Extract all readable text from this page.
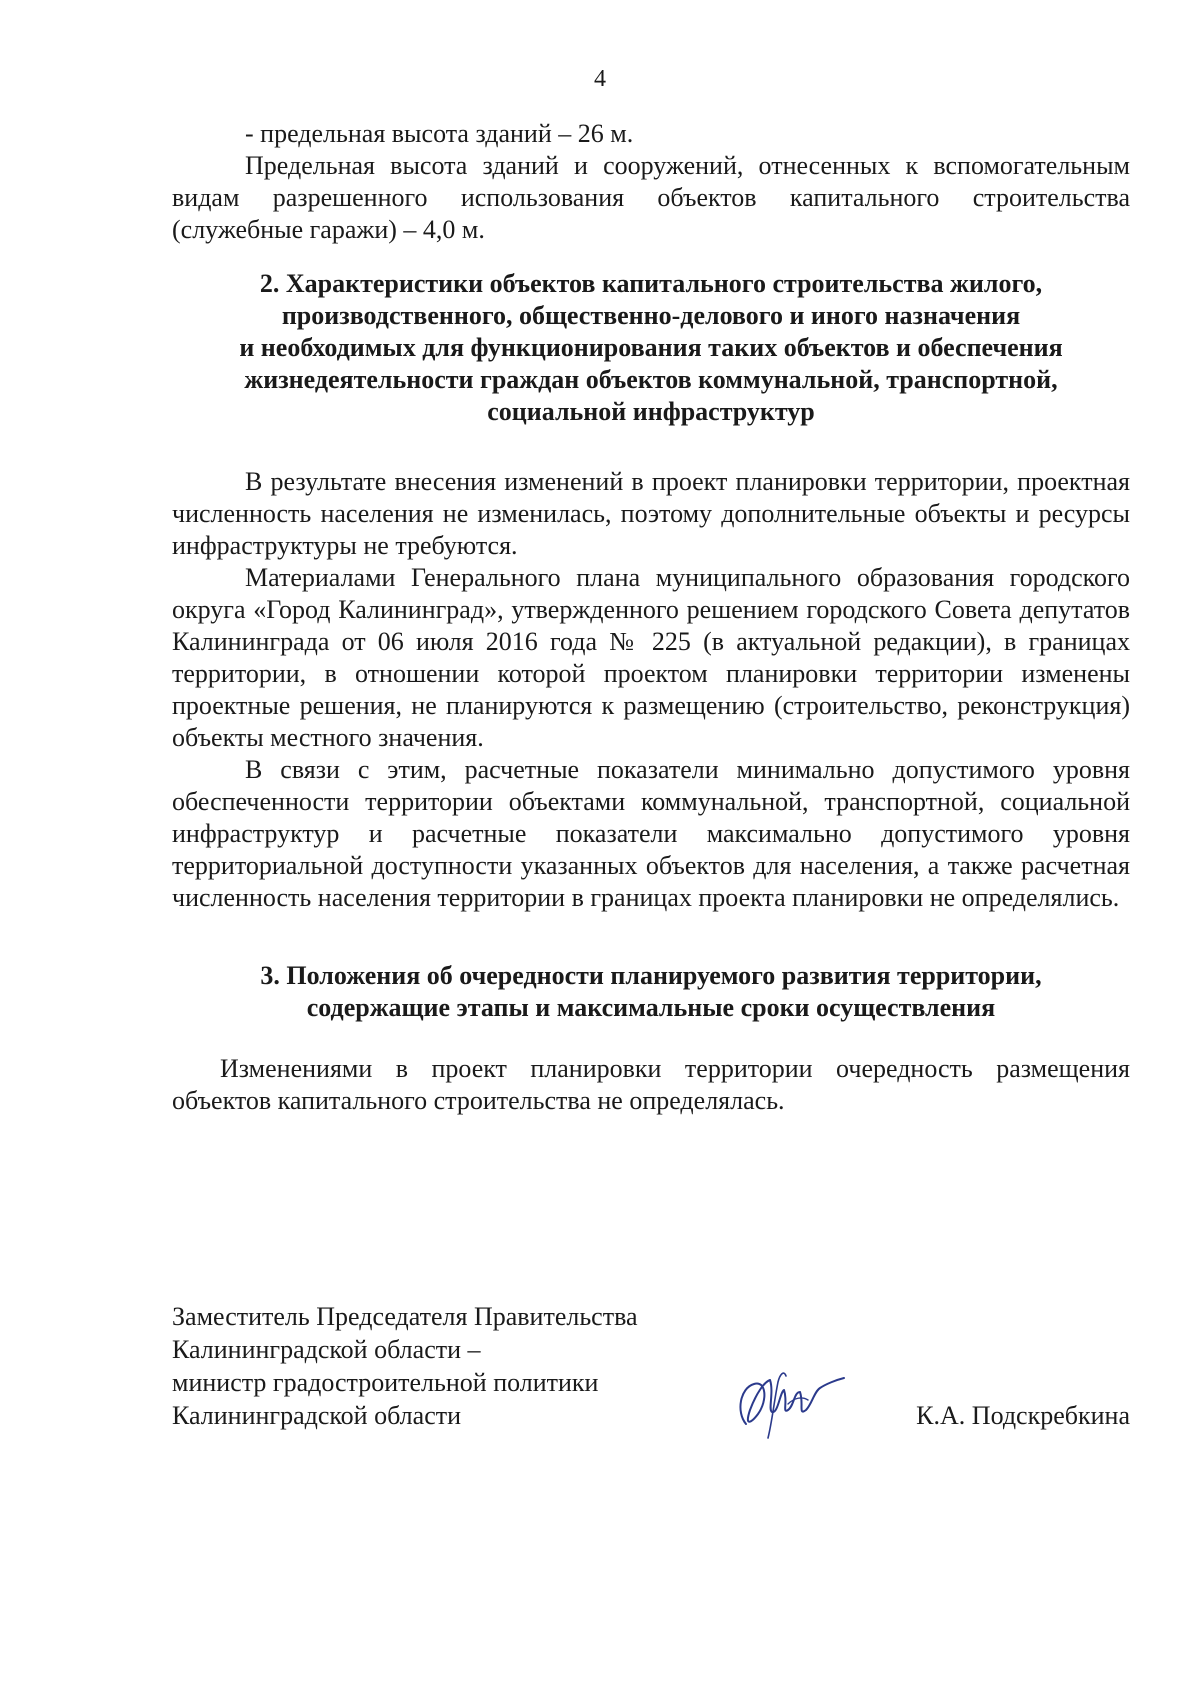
4

- предельная высота зданий – 26 м.

Предельная высота зданий и сооружений, отнесенных к вспомогательным видам разрешенного использования объектов капитального строительства (служебные гаражи) – 4,0 м.

2. Характеристики объектов капитального строительства жилого,
производственного, общественно-делового и иного назначения
и необходимых для функционирования таких объектов и обеспечения
жизнедеятельности граждан объектов коммунальной, транспортной,
социальной инфраструктур

В результате внесения изменений в проект планировки территории, проектная численность населения не изменилась, поэтому дополнительные объекты и ресурсы инфраструктуры не требуются.

Материалами Генерального плана муниципального образования городского округа «Город Калининград», утвержденного решением городского Совета депутатов Калининграда от 06 июля 2016 года № 225 (в актуальной редакции), в границах территории, в отношении которой проектом планировки территории изменены проектные решения, не планируются к размещению (строительство, реконструкция) объекты местного значения.

В связи с этим, расчетные показатели минимально допустимого уровня обеспеченности территории объектами коммунальной, транспортной, социальной инфраструктур и расчетные показатели максимально допустимого уровня территориальной доступности указанных объектов для населения, а также расчетная численность населения территории в границах проекта планировки не определялись.

3. Положения об очередности планируемого развития территории,
содержащие этапы и максимальные сроки осуществления

Изменениями в проект планировки территории очередность размещения объектов капитального строительства не определялась.

Заместитель Председателя Правительства
Калининградской области –
министр градостроительной политики
Калининградской области	К.А. Подскребкина
